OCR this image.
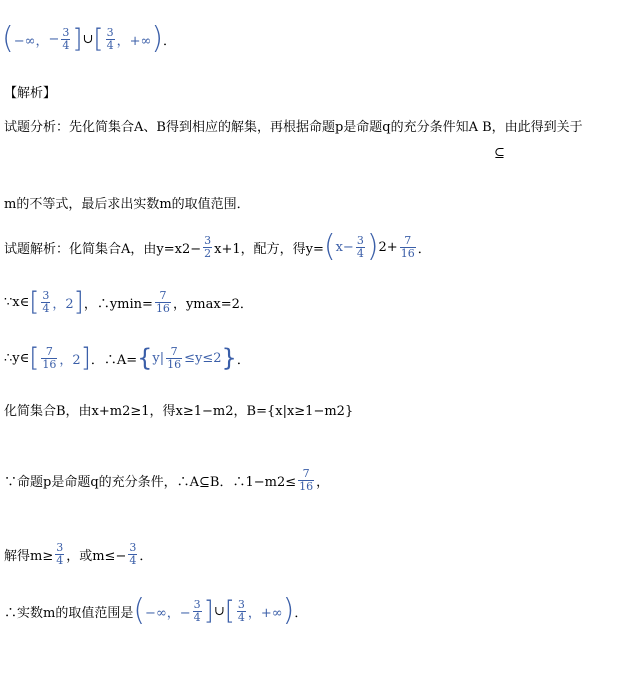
( −∞， − $\frac{3}{4}$ ] ∪ [ $\frac{3}{4}$ ，+∞ ) ．
【解析】
试题分析：先化简集合A、B得到相应的解集，再根据命题p是命题q的充分条件知A B，由此得到关于
⊆
m的不等式，最后求出实数m的取值范围．
试题解析：化简集合A，由$y=x2- \frac{3}{2} x+1$，配方，得y= ( $x- \frac{3}{4}$ ) $2+ \frac{7}{16}$ ．
∵x∈ [ $\frac{3}{4}$ ，2 ] ，∴ymin= $\frac{7}{16}$ ，ymax=2．
∴y∈ [ $\frac{7}{16}$ ，2 ] ．∴A= { $y| \frac{7}{16} \le y\le 2$ } ．
化简集合B，由x+m2≥1，得x≥1−m2，B={x|x≥1−m2}
∵命题p是命题q的充分条件，∴A⊆B．∴1−m2≤ $\frac{7}{16}$ ，
解得$m\ge \frac{3}{4}$ ，或$m\le- \frac{3}{4}$ ．
∴实数m的取值范围是 ( −∞，− $\frac{3}{4}$ ] ∪ [ $\frac{3}{4}$ ，+∞ ) ．
